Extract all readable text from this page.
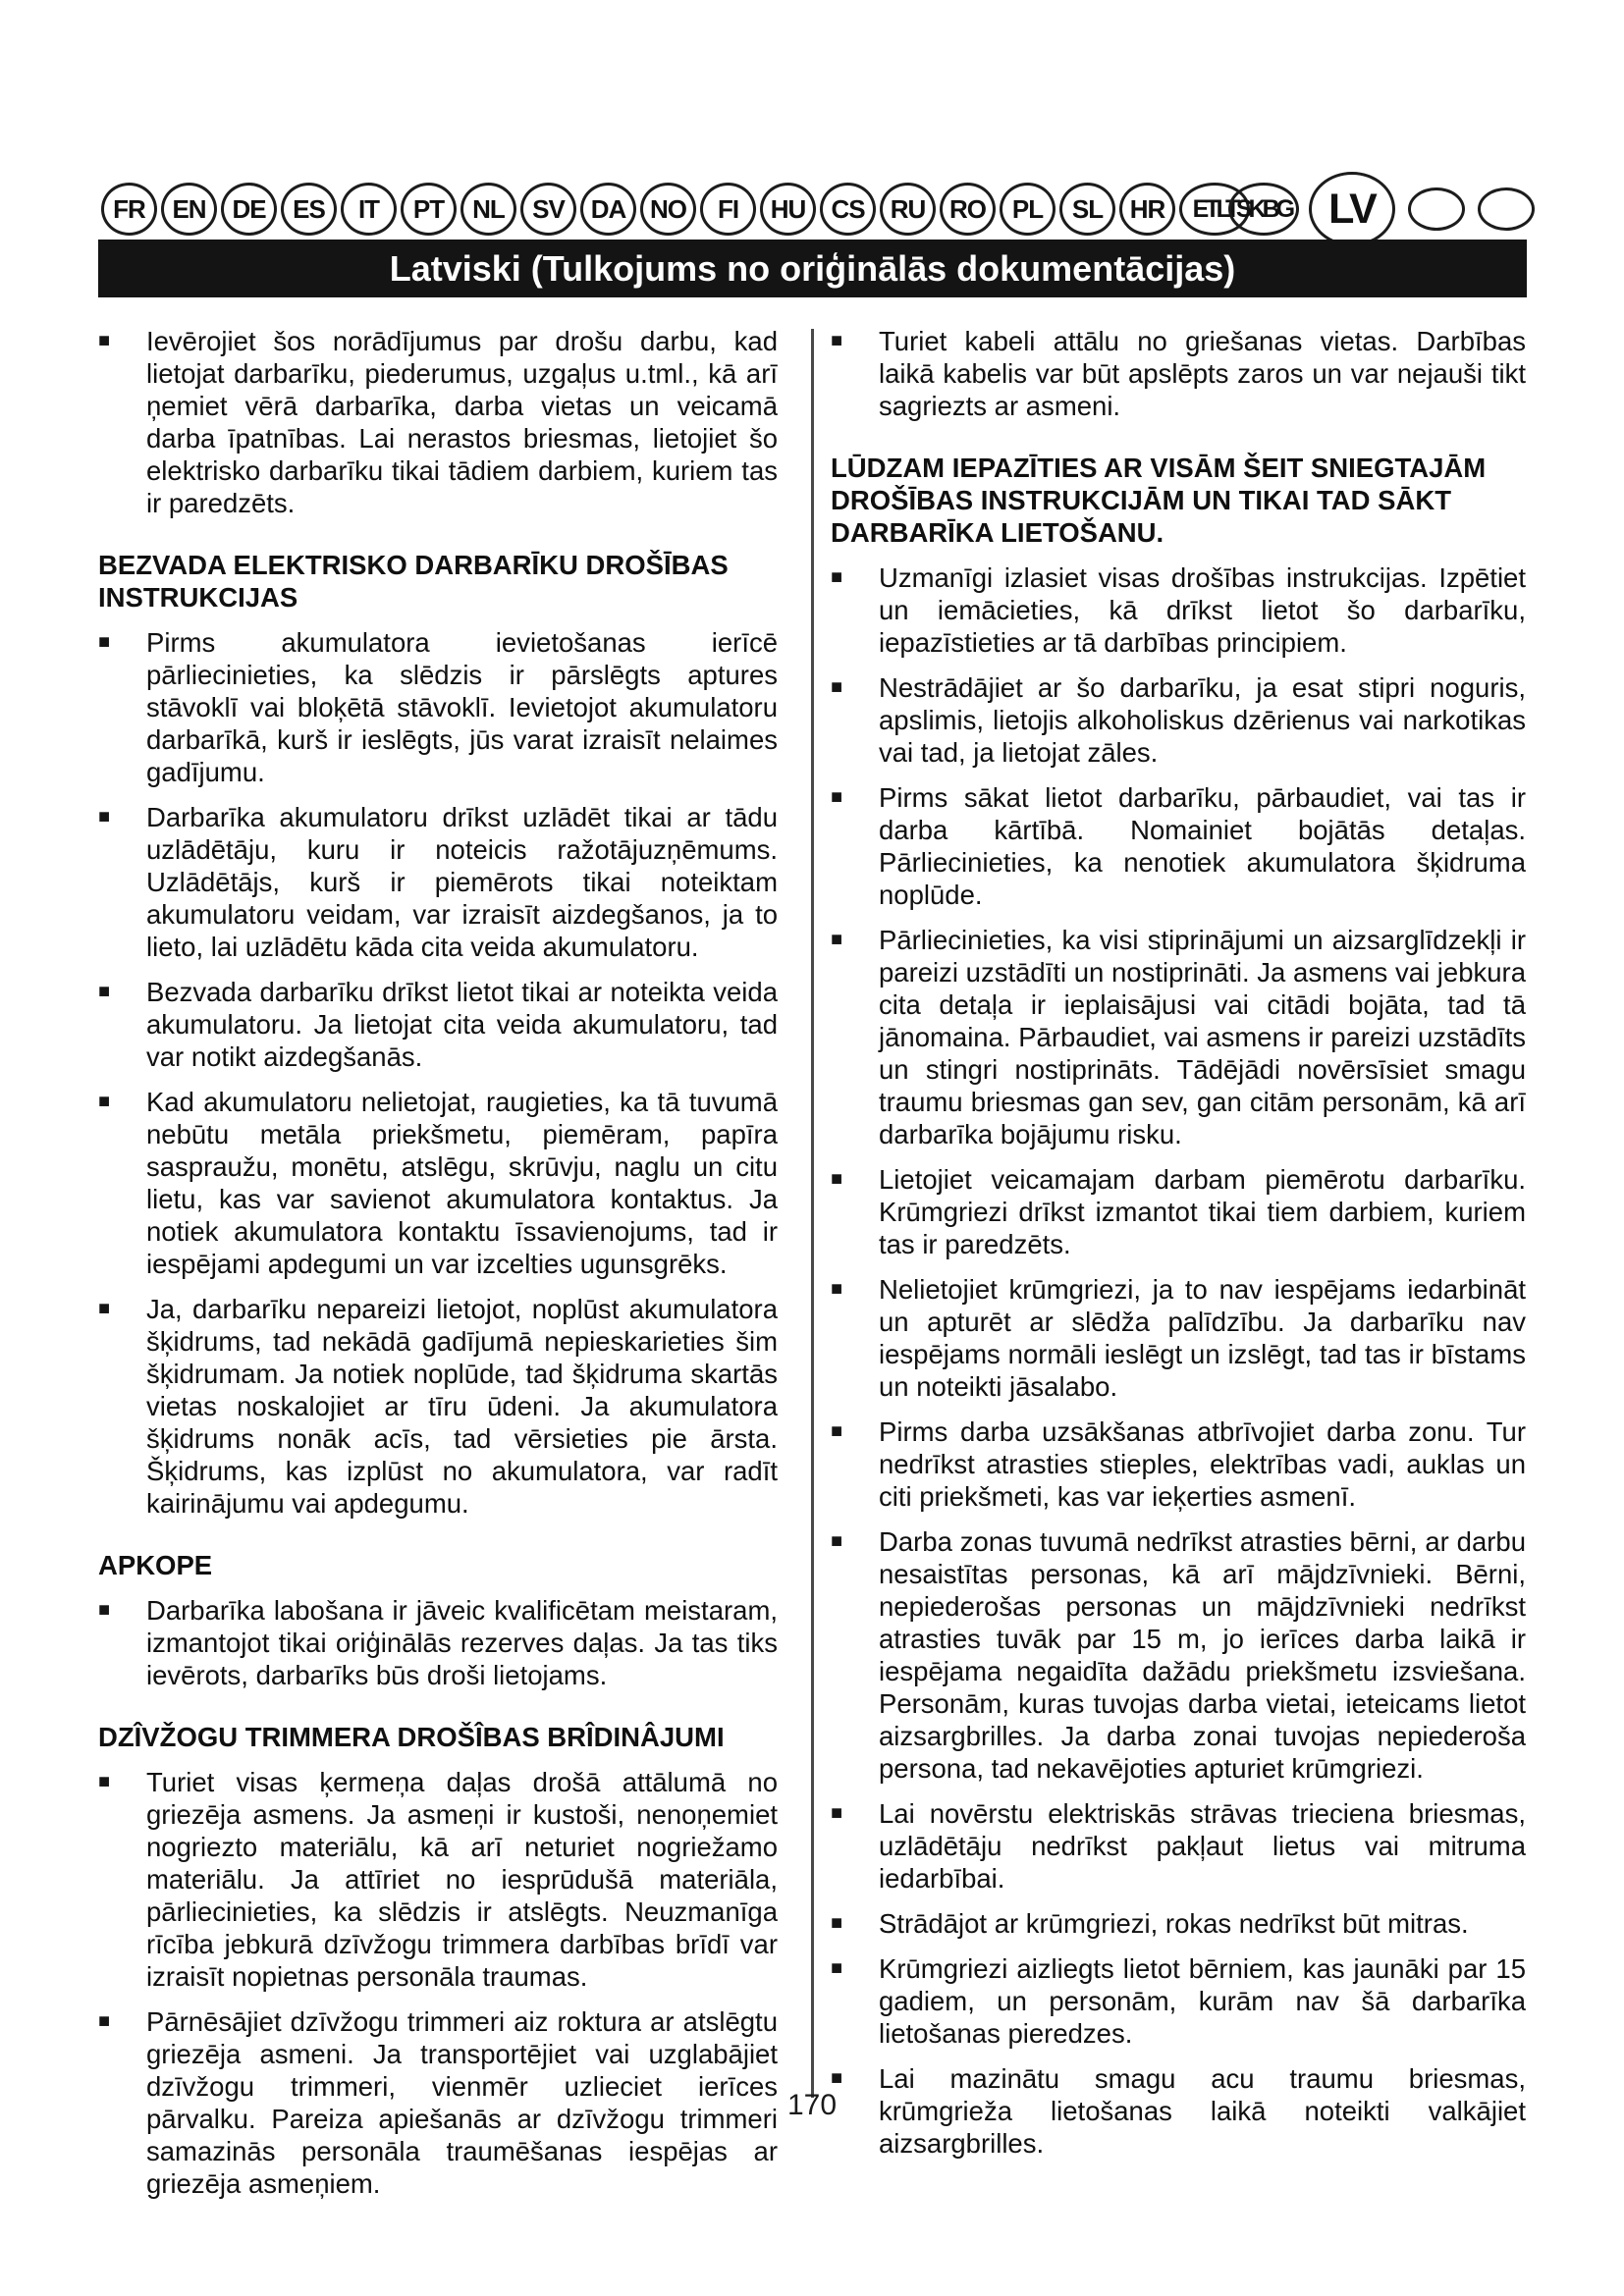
FR EN DE ES IT PT NL SV DA NO FI HU CS RU RO PL SL HR ETLT SKBG LV
Latviski (Tulkojums no oriģinālās dokumentācijas)
■	Ievērojiet šos norādījumus par drošu darbu, kad lietojat darbarīku, piederumus, uzgaļus u.tml., kā arī ņemiet vērā darbarīka, darba vietas un veicamā darba īpatnības. Lai nerastos briesmas, lietojiet šo elektrisko darbarīku tikai tādiem darbiem, kuriem tas ir paredzēts.
BEZVADA ELEKTRISKO DARBARĪKU DROŠĪBAS INSTRUKCIJAS
■	Pirms akumulatora ievietošanas ierīcē pārliecinieties, ka slēdzis ir pārslēgts aptures stāvoklī vai bloķētā stāvoklī. Ievietojot akumulatoru darbarīkā, kurš ir ieslēgts, jūs varat izraisīt nelaimes gadījumu.
■	Darbarīka akumulatoru drīkst uzlādēt tikai ar tādu uzlādētāju, kuru ir noteicis ražotājuzņēmums. Uzlādētājs, kurš ir piemērots tikai noteiktam akumulatoru veidam, var izraisīt aizdegšanos, ja to lieto, lai uzlādētu kāda cita veida akumulatoru.
■	Bezvada darbarīku drīkst lietot tikai ar noteikta veida akumulatoru. Ja lietojat cita veida akumulatoru, tad var notikt aizdegšanās.
■	Kad akumulatoru nelietojat, raugieties, ka tā tuvumā nebūtu metāla priekšmetu, piemēram, papīra saspraužu, monētu, atslēgu, skrūvju, naglu un citu lietu, kas var savienot akumulatora kontaktus. Ja notiek akumulatora kontaktu īssavienojums, tad ir iespējami apdegumi un var izcelties ugunsgrēks.
■	Ja, darbarīku nepareizi lietojot, noplūst akumulatora šķidrums, tad nekādā gadījumā nepieskarieties šim šķidrumam. Ja notiek noplūde, tad šķidruma skartās vietas noskalojiet ar tīru ūdeni. Ja akumulatora šķidrums nonāk acīs, tad vērsieties pie ārsta. Šķidrums, kas izplūst no akumulatora, var radīt kairinājumu vai apdegumu.
APKOPE
■	Darbarīka labošana ir jāveic kvalificētam meistaram, izmantojot tikai oriģinālās rezerves daļas. Ja tas tiks ievērots, darbarīks būs droši lietojams.
DZÎVŽOGU TRIMMERA DROŠÎBAS BRÎDINÂJUMI
■	Turiet visas ķermeņa daļas drošā attālumā no griezēja asmens. Ja asmeņi ir kustoši, nenoņemiet nogriezto materiālu, kā arī neturiet nogriežamo materiālu. Ja attīriet no iesprūdušā materiāla, pārliecinieties, ka slēdzis ir atslēgts. Neuzmanīga rīcība jebkurā dzīvžogu trimmera darbības brīdī var izraisīt nopietnas personāla traumas.
■	Pārnēsājiet dzīvžogu trimmeri aiz roktura ar atslēgtu griezēja asmeni. Ja transportējiet vai uzglabājiet dzīvžogu trimmeri, vienmēr uzlieciet ierīces pārvalku. Pareiza apiešanās ar dzīvžogu trimmeri samazinās personāla traumēšanas iespējas ar griezēja asmeņiem.
■	Turiet kabeli attālu no griešanas vietas. Darbības laikā kabelis var būt apslēpts zaros un var nejauši tikt sagriezts ar asmeni.
LŪDZAM IEPAZĪTIES AR VISĀM ŠEIT SNIEGTAJĀM DROŠĪBAS INSTRUKCIJĀM UN TIKAI TAD SĀKT DARBARĪKA LIETOŠANU.
■	Uzmanīgi izlasiet visas drošības instrukcijas. Izpētiet un iemācieties, kā drīkst lietot šo darbarīku, iepazīstieties ar tā darbības principiem.
■	Nestrādājiet ar šo darbarīku, ja esat stipri noguris, apslimis, lietojis alkoholiskus dzērienus vai narkotikas vai tad, ja lietojat zāles.
■	Pirms sākat lietot darbarīku, pārbaudiet, vai tas ir darba kārtībā. Nomainiet bojātās detaļas. Pārliecinieties, ka nenotiek akumulatora šķidruma noplūde.
■	Pārliecinieties, ka visi stiprinājumi un aizsarglīdzekļi ir pareizi uzstādīti un nostiprināti. Ja asmens vai jebkura cita detaļa ir ieplaisājusi vai citādi bojāta, tad tā jānomaina. Pārbaudiet, vai asmens ir pareizi uzstādīts un stingri nostiprināts. Tādējādi novērsīsiet smagu traumu briesmas gan sev, gan citām personām, kā arī darbarīka bojājumu risku.
■	Lietojiet veicamajam darbam piemērotu darbarīku. Krūmgriezi drīkst izmantot tikai tiem darbiem, kuriem tas ir paredzēts.
■	Nelietojiet krūmgriezi, ja to nav iespējams iedarbināt un apturēt ar slēdža palīdzību. Ja darbarīku nav iespējams normāli ieslēgt un izslēgt, tad tas ir bīstams un noteikti jāsalabo.
■	Pirms darba uzsākšanas atbrīvojiet darba zonu. Tur nedrīkst atrasties stieples, elektrības vadi, auklas un citi priekšmeti, kas var ieķerties asmenī.
■	Darba zonas tuvumā nedrīkst atrasties bērni, ar darbu nesaistītas personas, kā arī mājdzīvnieki. Bērni, nepiederošas personas un mājdzīvnieki nedrīkst atrasties tuvāk par 15 m, jo ierīces darba laikā ir iespējama negaidīta dažādu priekšmetu izsviešana. Personām, kuras tuvojas darba vietai, ieteicams lietot aizsargbrilles. Ja darba zonai tuvojas nepiederoša persona, tad nekavējoties apturiet krūmgriezi.
■	Lai novērstu elektriskās strāvas trieciena briesmas, uzlādētāju nedrīkst pakļaut lietus vai mitruma iedarbībai.
■	Strādājot ar krūmgriezi, rokas nedrīkst būt mitras.
■	Krūmgriezi aizliegts lietot bērniem, kas jaunāki par 15 gadiem, un personām, kurām nav šā darbarīka lietošanas pieredzes.
■	Lai mazinātu smagu acu traumu briesmas, krūmgrieža lietošanas laikā noteikti valkājiet aizsargbrilles.
170
